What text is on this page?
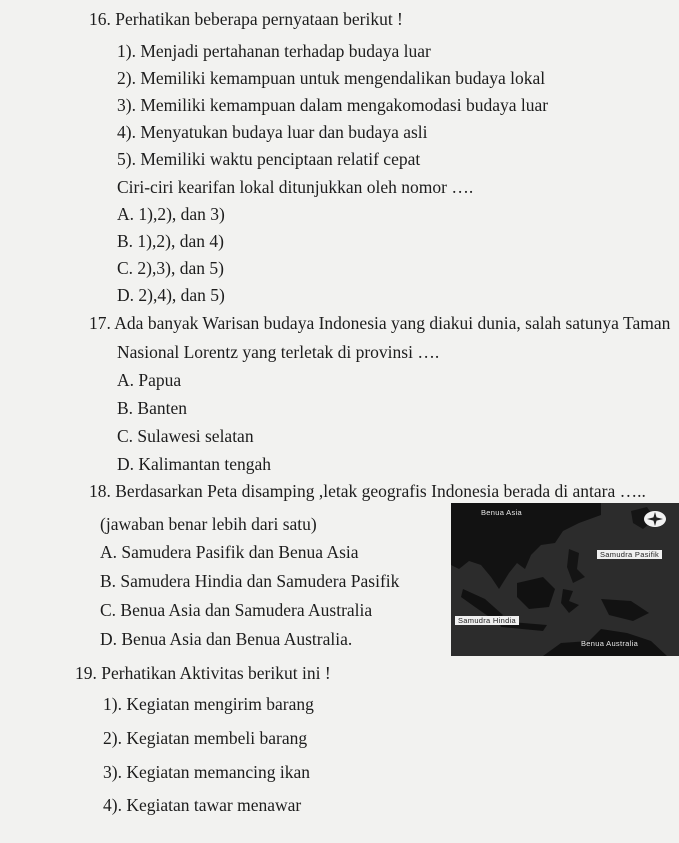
16. Perhatikan beberapa pernyataan berikut !
1). Menjadi pertahanan terhadap budaya luar
2). Memiliki kemampuan untuk mengendalikan budaya lokal
3). Memiliki kemampuan dalam mengakomodasi budaya luar
4). Menyatukan budaya luar dan budaya asli
5). Memiliki waktu penciptaan relatif cepat
Ciri-ciri kearifan lokal ditunjukkan oleh nomor ….
A. 1),2), dan 3)
B. 1),2), dan 4)
C. 2),3), dan 5)
D. 2),4), dan 5)
17. Ada banyak Warisan budaya Indonesia yang diakui dunia, salah satunya Taman
Nasional Lorentz yang terletak di provinsi ….
A. Papua
B. Banten
C. Sulawesi selatan
D. Kalimantan tengah
18. Berdasarkan Peta disamping ,letak geografis Indonesia berada di antara …..
(jawaban benar lebih dari satu)
A. Samudera Pasifik dan Benua Asia
B. Samudera Hindia dan Samudera Pasifik
C. Benua Asia dan Samudera Australia
D. Benua Asia dan Benua Australia.
Benua Asia
Samudra Pasifik
Samudra Hindia
Benua Australia
19. Perhatikan Aktivitas berikut ini !
1). Kegiatan mengirim barang
2). Kegiatan membeli barang
3). Kegiatan memancing ikan
4). Kegiatan tawar menawar
